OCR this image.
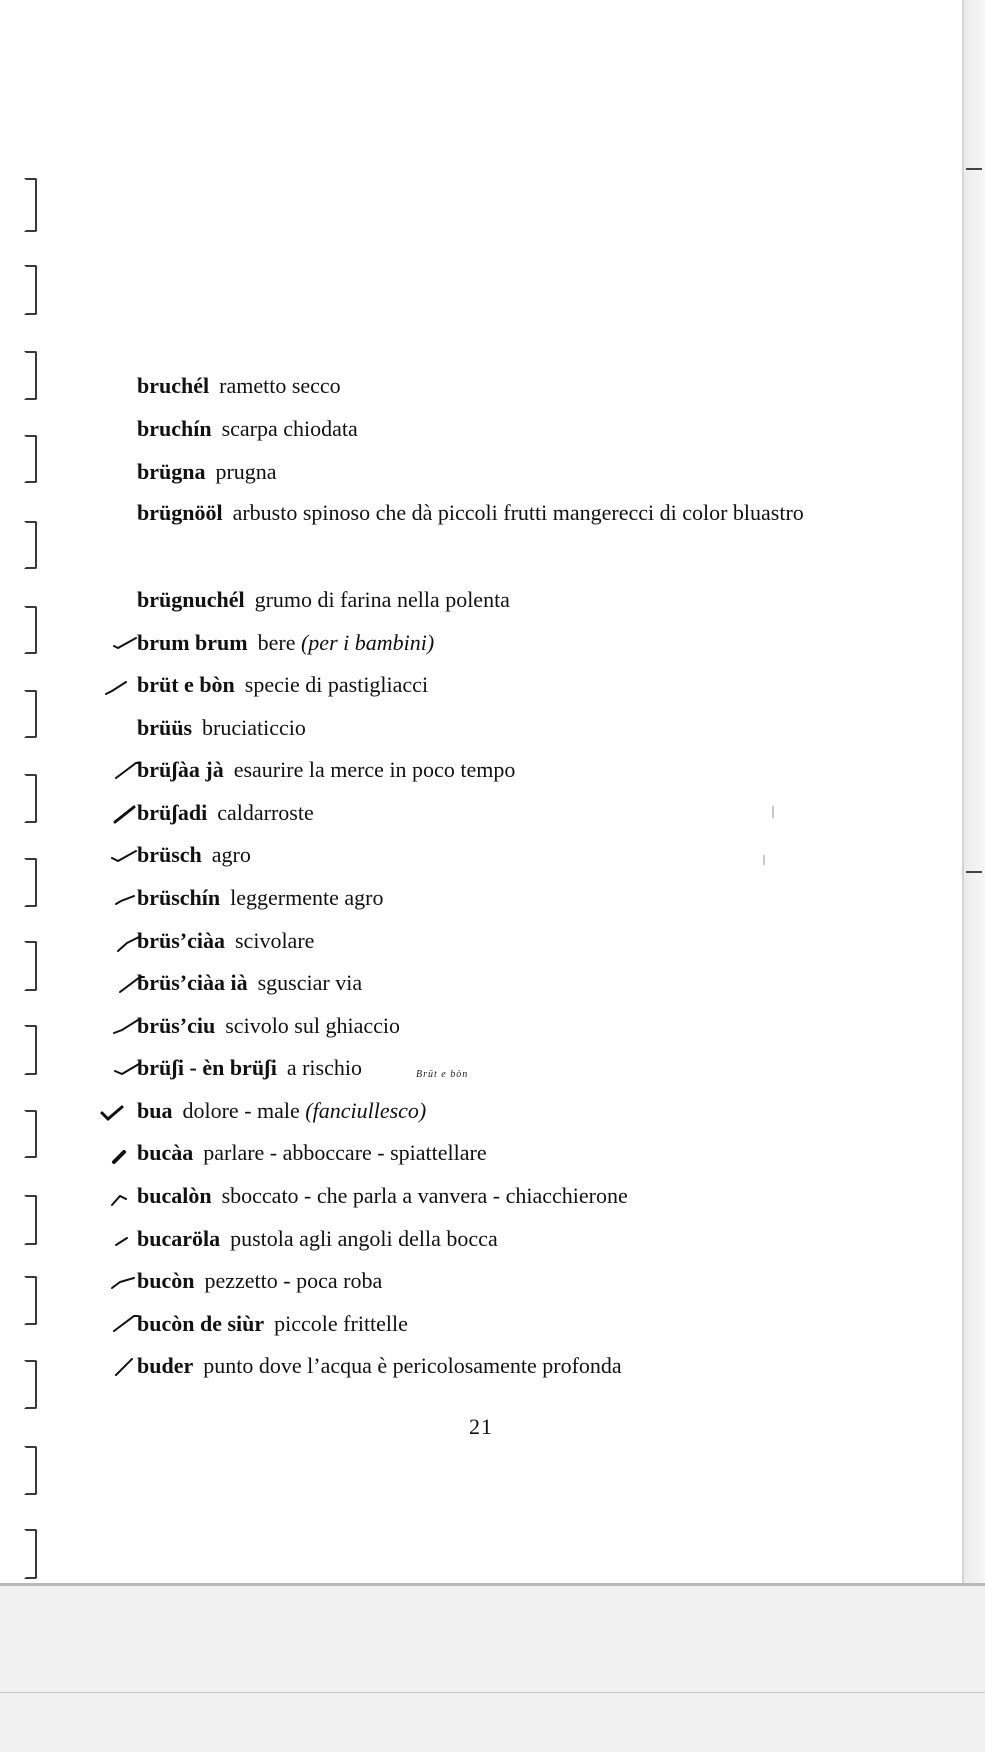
bruchél rametto secco
bruchín scarpa chiodata
brügna prugna
brügnööl arbusto spinoso che dà piccoli frutti mangerecci di color bluastro
brügnuchél grumo di farina nella polenta
brum brum bere (per i bambini)
brüt e bòn specie di pastigliacci
brüüs bruciaticcio
brüʃàa jà esaurire la merce in poco tempo
brüʃadi caldarroste
brüsch agro
brüschín leggermente agro
brüs’ciàa scivolare
brüs’ciàa ià sgusciar via
brüs’ciu scivolo sul ghiaccio
brüʃi - èn brüʃi a rischio
bua dolore - male (fanciullesco)
bucàa parlare - abboccare - spiattellare
bucalòn sboccato - che parla a vanvera - chiacchierone
bucaröla pustola agli angoli della bocca
bucòn pezzetto - poca roba
bucòn de siùr piccole frittelle
buder punto dove l’acqua è pericolosamente profonda
Brüt e bòn
21
